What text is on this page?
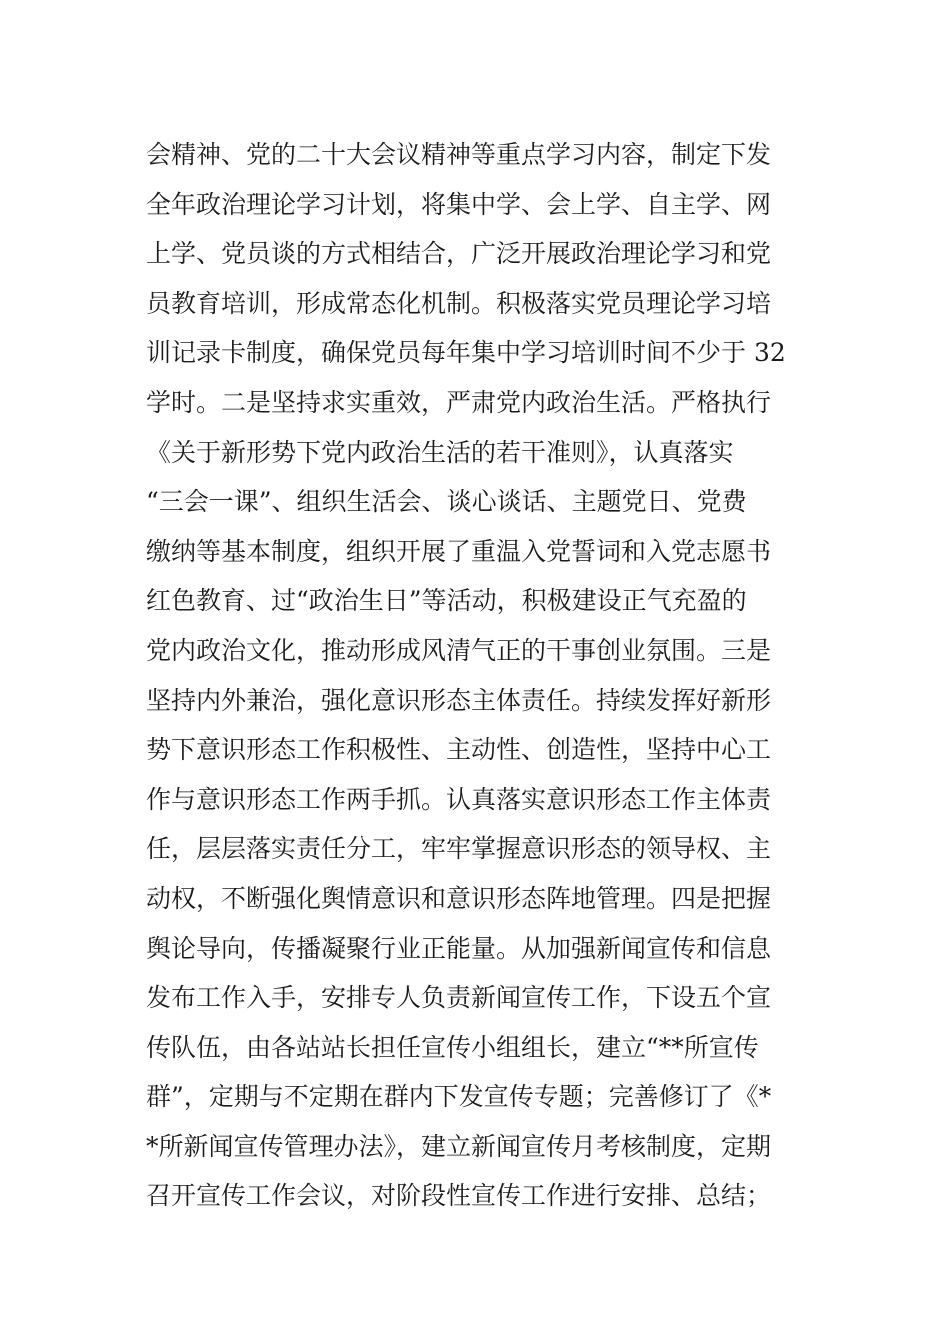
会精神、党的二十大会议精神等重点学习内容，制定下发
全年政治理论学习计划，将集中学、会上学、自主学、网
上学、党员谈的方式相结合，广泛开展政治理论学习和党
员教育培训，形成常态化机制。积极落实党员理论学习培
训记录卡制度，确保党员每年集中学习培训时间不少于 32
学时。二是坚持求实重效，严肃党内政治生活。严格执行
《关于新形势下党内政治生活的若干准则》，认真落实
“三会一课”、组织生活会、谈心谈话、主题党日、党费
缴纳等基本制度，组织开展了重温入党誓词和入党志愿书
红色教育、过“政治生日”等活动，积极建设正气充盈的
党内政治文化，推动形成风清气正的干事创业氛围。三是
坚持内外兼治，强化意识形态主体责任。持续发挥好新形
势下意识形态工作积极性、主动性、创造性，坚持中心工
作与意识形态工作两手抓。认真落实意识形态工作主体责
任，层层落实责任分工，牢牢掌握意识形态的领导权、主
动权，不断强化舆情意识和意识形态阵地管理。四是把握
舆论导向，传播凝聚行业正能量。从加强新闻宣传和信息
发布工作入手，安排专人负责新闻宣传工作，下设五个宣
传队伍，由各站站长担任宣传小组组长，建立“**所宣传
群”，定期与不定期在群内下发宣传专题；完善修订了《*
*所新闻宣传管理办法》，建立新闻宣传月考核制度，定期
召开宣传工作会议，对阶段性宣传工作进行安排、总结；
